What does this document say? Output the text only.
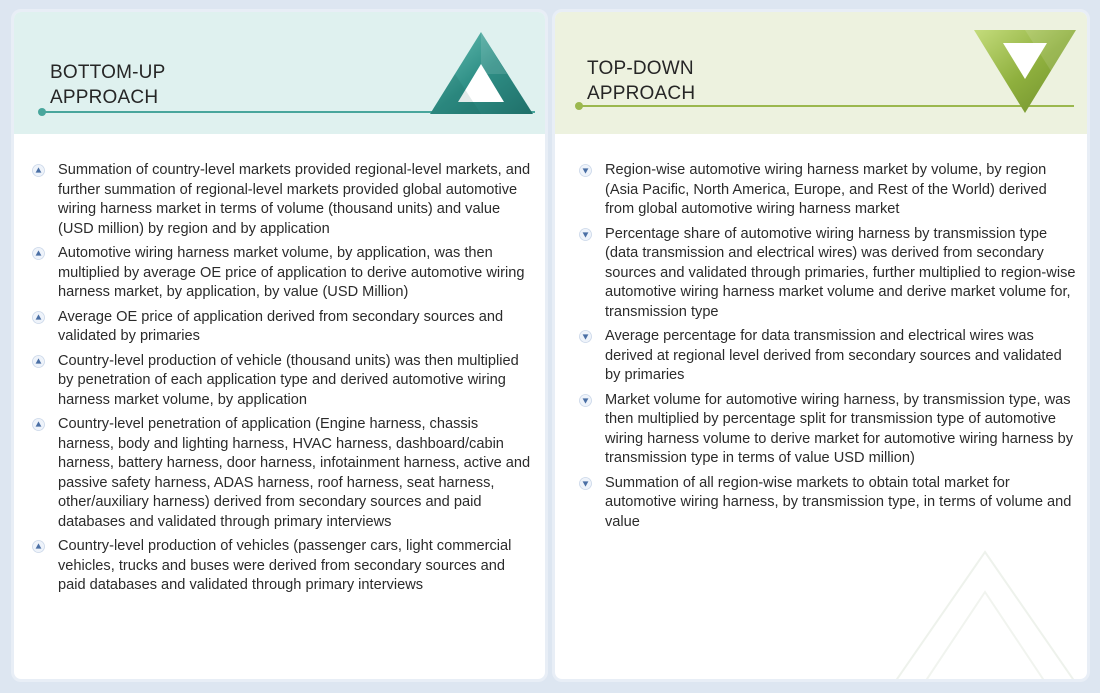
BOTTOM-UP
APPROACH
Summation of country-level markets provided regional-level markets, and further summation of regional-level markets provided global automotive wiring harness market in terms of volume (thousand units) and value (USD million) by region and by application
Automotive wiring harness market volume, by application, was then multiplied by average OE price of application to derive automotive wiring harness market, by application, by value (USD Million)
Average OE price of application derived from secondary sources and validated by primaries
Country-level production of vehicle (thousand units) was then multiplied by penetration of each application type and derived automotive wiring harness market volume, by application
Country-level penetration of application (Engine harness, chassis harness, body and lighting harness, HVAC harness, dashboard/cabin harness, battery harness, door harness, infotainment harness, active and passive safety harness, ADAS harness, roof harness, seat harness, other/auxiliary harness) derived from secondary sources and paid databases and validated through primary interviews
Country-level production of vehicles (passenger cars, light commercial vehicles, trucks and buses were derived from secondary sources and paid databases and validated through primary interviews
TOP-DOWN
APPROACH
Region-wise automotive wiring harness market by volume, by region (Asia Pacific, North America, Europe, and Rest of the World) derived from global automotive wiring harness market
Percentage share of automotive wiring harness by transmission type (data transmission and electrical wires) was derived from secondary sources and validated through primaries, further multiplied to region-wise automotive wiring harness market volume and derive market volume for, transmission type
Average percentage for data transmission and electrical wires was derived at regional level derived from secondary sources and validated by primaries
Market volume for automotive wiring harness, by transmission type, was then multiplied by percentage split for transmission type of automotive wiring harness volume to derive market for automotive wiring harness by transmission type in terms of value USD million)
Summation of all region-wise markets to obtain total market for automotive wiring harness, by transmission type, in terms of volume and value
